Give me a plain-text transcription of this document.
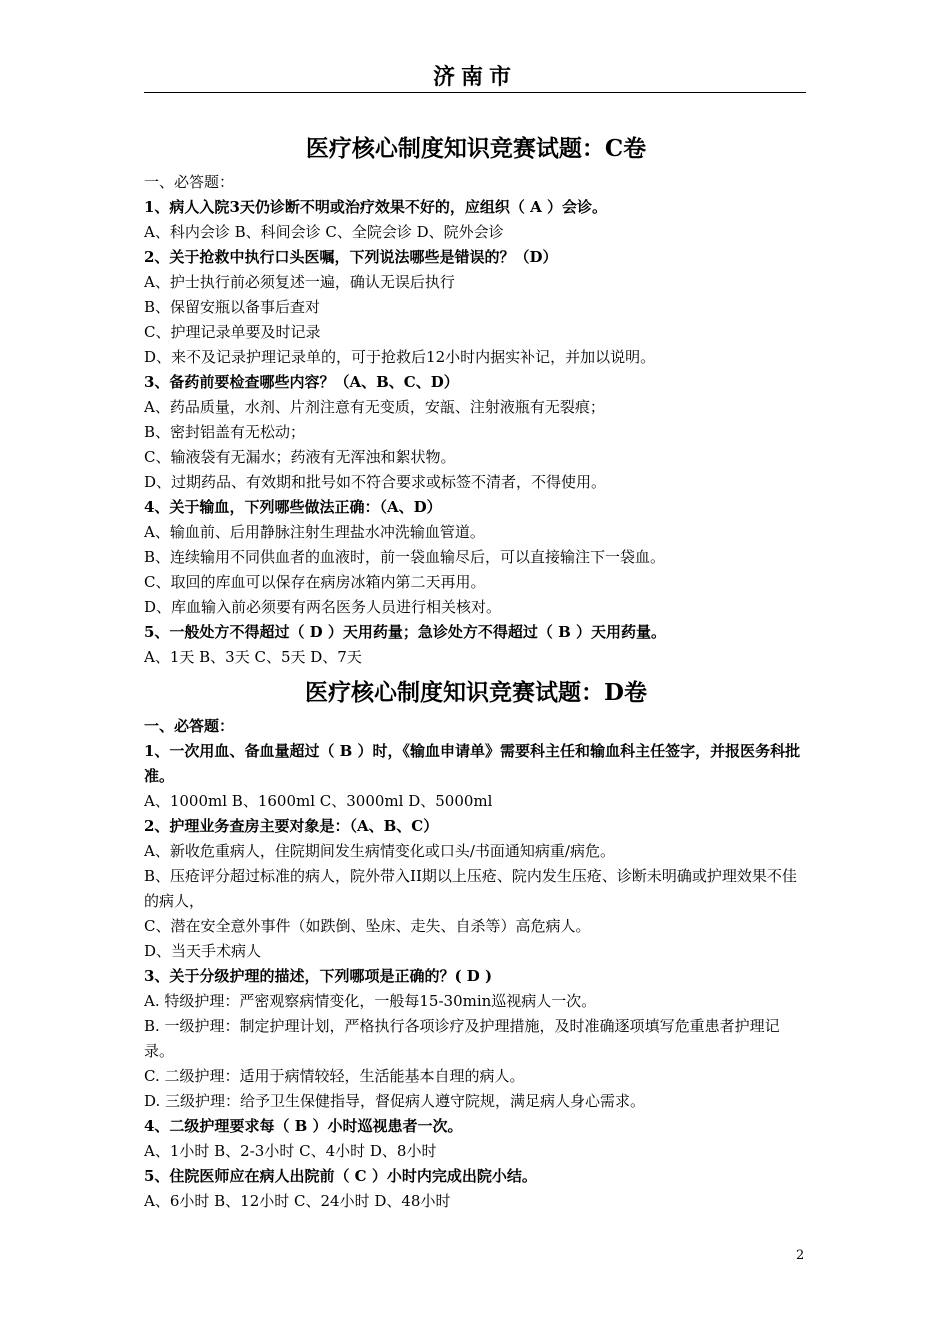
济南市
医疗核心制度知识竞赛试题：C卷

一、必答题：

1、病人入院3天仍诊断不明或治疗效果不好的，应组织（ A ）会诊。

A、科内会诊 B、科间会诊 C、全院会诊 D、院外会诊

2、关于抢救中执行口头医嘱，下列说法哪些是错误的？（D）

A、护士执行前必须复述一遍，确认无误后执行

B、保留安瓶以备事后查对

C、护理记录单要及时记录

D、来不及记录护理记录单的，可于抢救后12小时内据实补记，并加以说明。

3、备药前要检查哪些内容？（A、B、C、D）

A、药品质量，水剂、片剂注意有无变质，安瓿、注射液瓶有无裂痕；

B、密封铝盖有无松动；

C、输液袋有无漏水；药液有无浑浊和絮状物。

D、过期药品、有效期和批号如不符合要求或标签不清者，不得使用。

4、关于输血，下列哪些做法正确：（A、D）

A、输血前、后用静脉注射生理盐水冲洗输血管道。

B、连续输用不同供血者的血液时，前一袋血输尽后，可以直接输注下一袋血。

C、取回的库血可以保存在病房冰箱内第二天再用。

D、库血输入前必须要有两名医务人员进行相关核对。

5、一般处方不得超过（ D ）天用药量；急诊处方不得超过（ B ）天用药量。

A、1天 B、3天 C、5天 D、7天

医疗核心制度知识竞赛试题：D卷

一、必答题：

1、一次用血、备血量超过（ B ）时，《输血申请单》需要科主任和输血科主任签字，并报医务科批准。

A、1000ml B、1600ml C、3000ml D、5000ml

2、护理业务查房主要对象是：（A、B、C）

A、新收危重病人，住院期间发生病情变化或口头/书面通知病重/病危。

B、压疮评分超过标准的病人，院外带入II期以上压疮、院内发生压疮、诊断未明确或护理效果不佳的病人，

C、潜在安全意外事件（如跌倒、坠床、走失、自杀等）高危病人。

D、当天手术病人

3、关于分级护理的描述，下列哪项是正确的？( D )

A. 特级护理：严密观察病情变化，一般每15-30min巡视病人一次。

B. 一级护理：制定护理计划，严格执行各项诊疗及护理措施，及时准确逐项填写危重患者护理记录。

C. 二级护理：适用于病情较轻，生活能基本自理的病人。

D. 三级护理：给予卫生保健指导，督促病人遵守院规，满足病人身心需求。

4、二级护理要求每（ B ）小时巡视患者一次。

A、1小时 B、2-3小时 C、4小时 D、8小时

5、住院医师应在病人出院前（ C ）小时内完成出院小结。

A、6小时 B、12小时 C、24小时 D、48小时

2
